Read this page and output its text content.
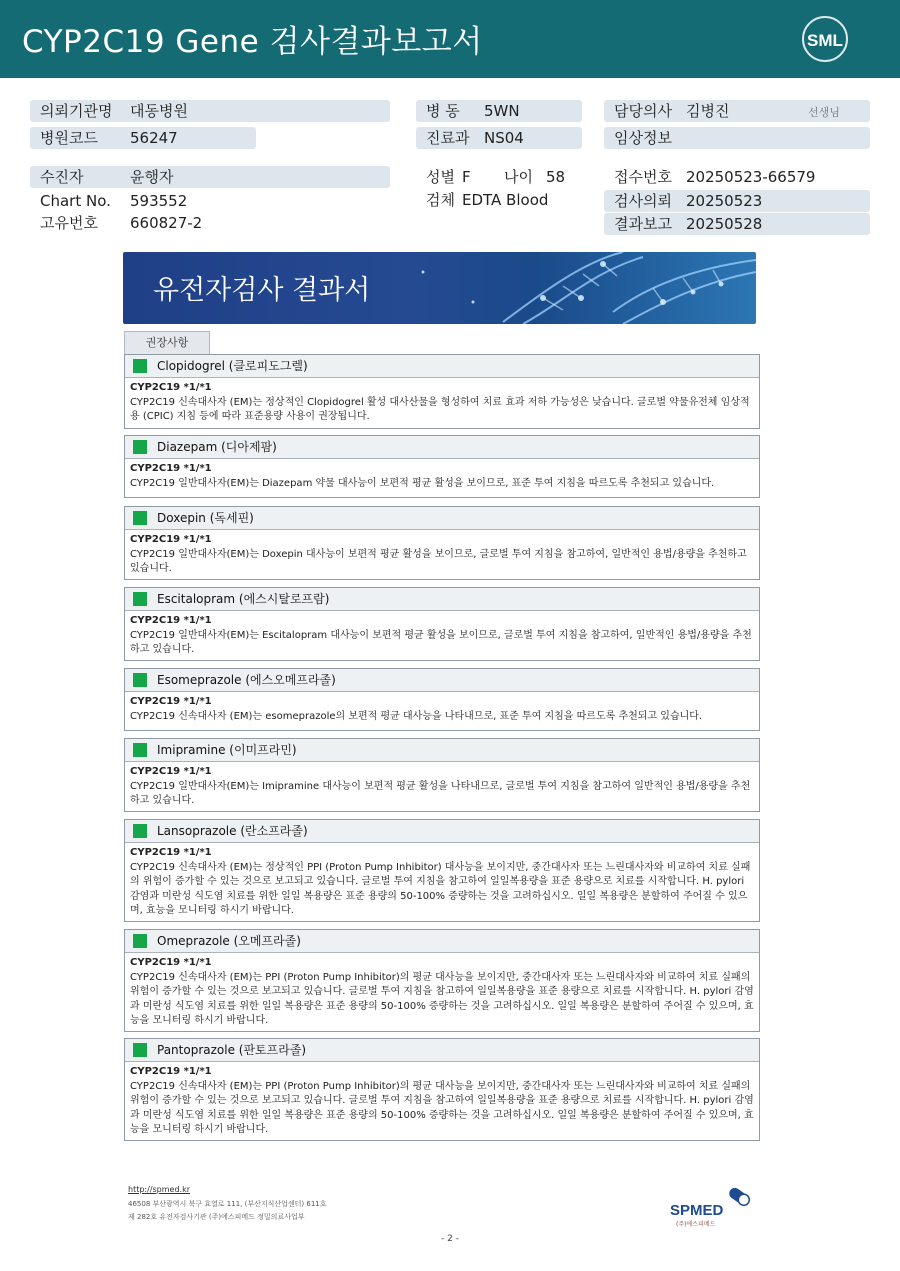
CYP2C19 Gene 검사결과보고서	SML
의뢰기관명 대동병원
병원코드 56247
수진자	윤행자
Chart No. 593552
고유번호 660827-2
병 동 5WN
진료과 NS04
성별 F 나이 58
검체 EDTA Blood
담당의사 김병진	선생님
임상정보
접수번호 20250523-66579
검사의뢰 20250523
결과보고 20250528
유전자검사 결과서
권장사항
Clopidogrel (클로피도그렐)
CYP2C19 *1/*1
CYP2C19 신속대사자 (EM)는 정상적인 Clopidogrel 활성 대사산물을 형성하여 치료 효과 저하 가능성은 낮습니다. 글로벌 약물유전체 임상적용 (CPIC) 지침 등에 따라 표준용량 사용이 권장됩니다.
Diazepam (디아제팜)
CYP2C19 *1/*1
CYP2C19 일반대사자(EM)는 Diazepam 약물 대사능이 보편적 평균 활성을 보이므로, 표준 투여 지침을 따르도록 추천되고 있습니다.
Doxepin (독세핀)
CYP2C19 *1/*1
CYP2C19 일반대사자(EM)는 Doxepin 대사능이 보편적 평균 활성을 보이므로, 글로벌 투여 지침을 참고하여, 일반적인 용법/용량을 추천하고 있습니다.
Escitalopram (에스시탈로프람)
CYP2C19 *1/*1
CYP2C19 일반대사자(EM)는 Escitalopram 대사능이 보편적 평균 활성을 보이므로, 글로벌 투여 지침을 참고하여, 일반적인 용법/용량을 추천하고 있습니다.
Esomeprazole (에스오메프라졸)
CYP2C19 *1/*1
CYP2C19 신속대사자 (EM)는 esomeprazole의 보편적 평균 대사능을 나타내므로, 표준 투여 지침을 따르도록 추천되고 있습니다.
Imipramine (이미프라민)
CYP2C19 *1/*1
CYP2C19 일반대사자(EM)는 Imipramine 대사능이 보편적 평균 활성을 나타내므로, 글로벌 투여 지침을 참고하여 일반적인 용법/용량을 추천하고 있습니다.
Lansoprazole (란소프라졸)
CYP2C19 *1/*1
CYP2C19 신속대사자 (EM)는 정상적인 PPI (Proton Pump Inhibitor) 대사능을 보이지만, 중간대사자 또는 느린대사자와 비교하여 치료 실패의 위험이 증가할 수 있는 것으로 보고되고 있습니다. 글로벌 투여 지침을 참고하여 일일복용량을 표준 용량으로 치료를 시작합니다. H. pylori 감염과 미란성 식도염 치료를 위한 일일 복용량은 표준 용량의 50-100% 증량하는 것을 고려하십시오. 일일 복용량은 분할하여 주어질 수 있으며, 효능을 모니터링 하시기 바랍니다.
Omeprazole (오메프라졸)
CYP2C19 *1/*1
CYP2C19 신속대사자 (EM)는 PPI (Proton Pump Inhibitor)의 평균 대사능을 보이지만, 중간대사자 또는 느린대사자와 비교하여 치료 실패의 위험이 증가할 수 있는 것으로 보고되고 있습니다. 글로벌 투여 지침을 참고하여 일일복용량을 표준 용량으로 치료를 시작합니다. H. pylori 감염과 미란성 식도염 치료를 위한 일일 복용량은 표준 용량의 50-100% 증량하는 것을 고려하십시오. 일일 복용량은 분할하여 주어질 수 있으며, 효능을 모니터링 하시기 바랍니다.
Pantoprazole (판토프라졸)
CYP2C19 *1/*1
CYP2C19 신속대사자 (EM)는 PPI (Proton Pump Inhibitor)의 평균 대사능을 보이지만, 중간대사자 또는 느린대사자와 비교하여 치료 실패의 위험이 증가할 수 있는 것으로 보고되고 있습니다. 글로벌 투여 지침을 참고하여 일일복용량을 표준 용량으로 치료를 시작합니다. H. pylori 감염과 미란성 식도염 치료를 위한 일일 복용량은 표준 용량의 50-100% 증량하는 것을 고려하십시오. 일일 복용량은 분할하여 주어질 수 있으며, 효능을 모니터링 하시기 바랍니다.
http://spmed.kr
46508 부산광역시 북구 효열로 111, (부산지식산업센터) 611호
제 282호 유전자검사기관 (주)에스피메드 정밀의료사업부	SPMED
(주)에스피메드
- 2 -
